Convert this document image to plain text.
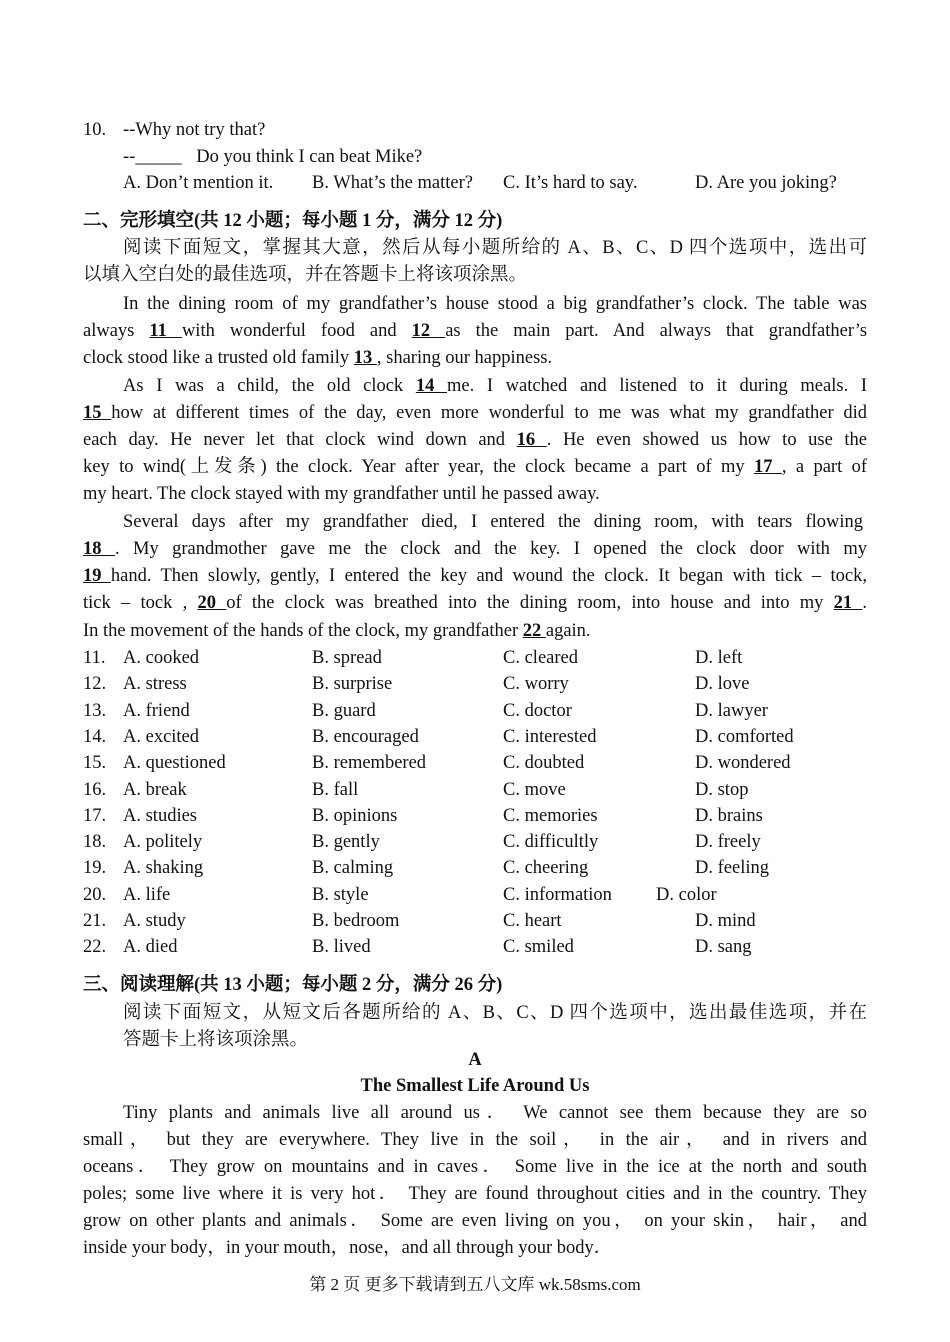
10. --Why not try that?
--_____ Do you think I can beat Mike?
A. Don’t mention it. B. What’s the matter? C. It’s hard to say.	D. Are you joking?
二、完形填空(共 12 小题；每小题 1 分，满分 12 分)
阅读下面短文，掌握其大意，然后从每小题所给的 A、B、C、D 四个选项中，选出可
以填入空白处的最佳选项，并在答题卡上将该项涂黑。
In the dining room of my grandfather’s house stood a big grandfather’s clock. The table was
always 11 with wonderful food and 12 as the main part. And always that grandfather’s
clock stood like a trusted old family 13 , sharing our happiness.
As I was a child, the old clock 14 me. I watched and listened to it during meals. I
15 how at different times of the day, even more wonderful to me was what my grandfather did
each day. He never let that clock wind down and 16 . He even showed us how to use the
key to wind(上发条) the clock. Year after year, the clock became a part of my 17 , a part of
my heart. The clock stayed with my grandfather until he passed away.
Several days after my grandfather died, I entered the dining room, with tears flowing
18 . My grandmother gave me the clock and the key. I opened the clock door with my
19 hand. Then slowly, gently, I entered the key and wound the clock. It began with tick – tock,
tick – tock , 20 of the clock was breathed into the dining room, into house and into my 21 .
In the movement of the hands of the clock, my grandfather 22 again.
11. A. cooked	B. spread	C. cleared	D. left
12. A. stress	B. surprise	C. worry	D. love
13. A. friend	B. guard	C. doctor	D. lawyer
14. A. excited	B. encouraged	C. interested	D. comforted
15. A. questioned	B. remembered	C. doubted	D. wondered
16. A. break	B. fall	C. move	D. stop
17. A. studies	B. opinions	C. memories	D. brains
18. A. politely	B. gently	C. difficultly	D. freely
19. A. shaking	B. calming	C. cheering	D. feeling
20. A. life	B. style	C. information D. color
21. A. study	B. bedroom	C. heart	D. mind
22. A. died	B. lived	C. smiled	D. sang
三、阅读理解(共 13 小题；每小题 2 分，满分 26 分)
阅读下面短文，从短文后各题所给的 A、B、C、D 四个选项中，选出最佳选项，并在
答题卡上将该项涂黑。
A
The Smallest Life Around Us
Tiny plants and animals live all around us． We cannot see them because they are so
small， but they are everywhere. They live in the soil， in the air， and in rivers and
oceans． They grow on mountains and in caves． Some live in the ice at the north and south
poles; some live where it is very hot． They are found throughout cities and in the country. They
grow on other plants and animals． Some are even living on you， on your skin， hair， and
inside your body，in your mouth，nose，and all through your body．
第 2 页 更多下载请到五八文库 wk.58sms.com
